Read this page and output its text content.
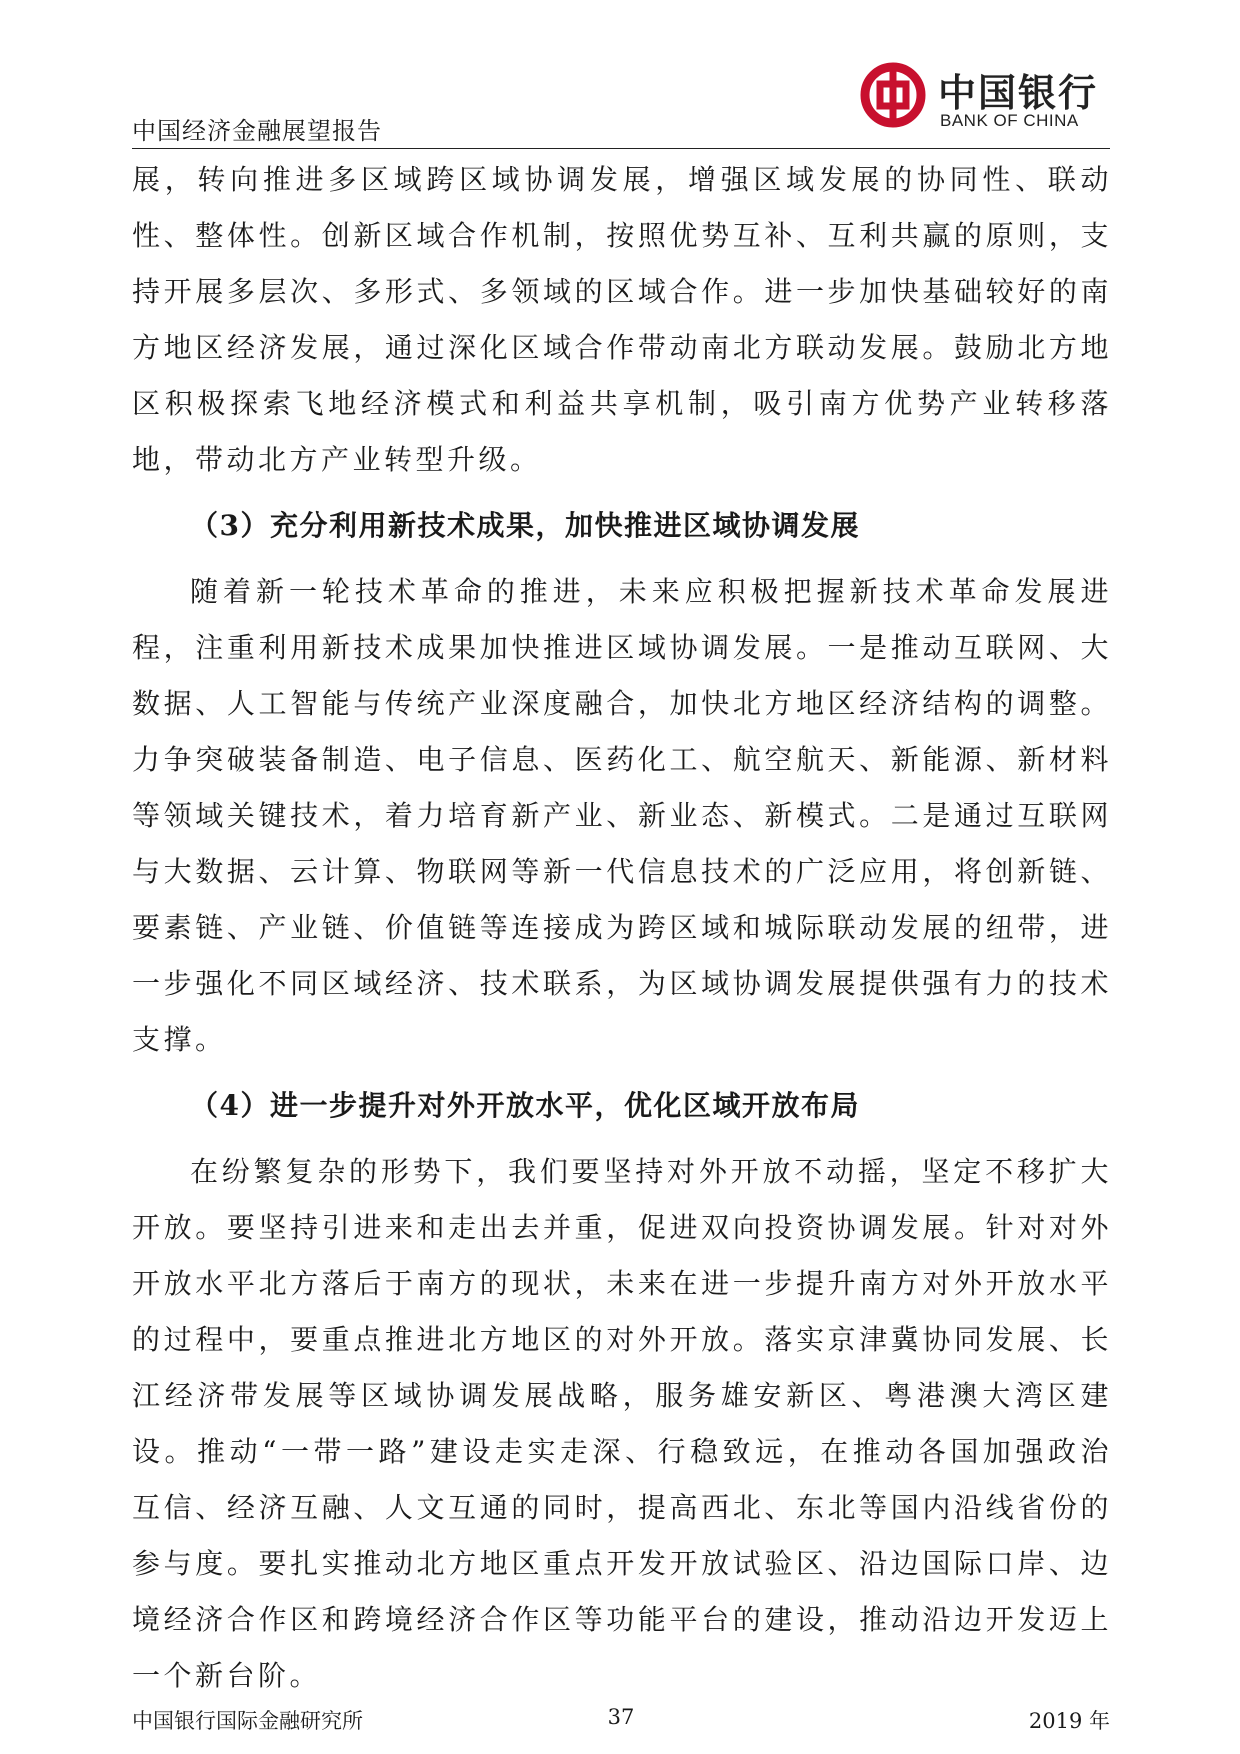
中国经济金融展望报告
中国银行
BANK OF CHINA

展，转向推进多区域跨区域协调发展，增强区域发展的协同性、联动性、整体性。创新区域合作机制，按照优势互补、互利共赢的原则，支持开展多层次、多形式、多领域的区域合作。进一步加快基础较好的南方地区经济发展，通过深化区域合作带动南北方联动发展。鼓励北方地区积极探索飞地经济模式和利益共享机制，吸引南方优势产业转移落地，带动北方产业转型升级。

（3）充分利用新技术成果，加快推进区域协调发展

随着新一轮技术革命的推进，未来应积极把握新技术革命发展进程，注重利用新技术成果加快推进区域协调发展。一是推动互联网、大数据、人工智能与传统产业深度融合，加快北方地区经济结构的调整。力争突破装备制造、电子信息、医药化工、航空航天、新能源、新材料等领域关键技术，着力培育新产业、新业态、新模式。二是通过互联网与大数据、云计算、物联网等新一代信息技术的广泛应用，将创新链、要素链、产业链、价值链等连接成为跨区域和城际联动发展的纽带，进一步强化不同区域经济、技术联系，为区域协调发展提供强有力的技术支撑。

（4）进一步提升对外开放水平，优化区域开放布局

在纷繁复杂的形势下，我们要坚持对外开放不动摇，坚定不移扩大开放。要坚持引进来和走出去并重，促进双向投资协调发展。针对对外开放水平北方落后于南方的现状，未来在进一步提升南方对外开放水平的过程中，要重点推进北方地区的对外开放。落实京津冀协同发展、长江经济带发展等区域协调发展战略，服务雄安新区、粤港澳大湾区建设。推动“一带一路”建设走实走深、行稳致远，在推动各国加强政治互信、经济互融、人文互通的同时，提高西北、东北等国内沿线省份的参与度。要扎实推动北方地区重点开发开放试验区、沿边国际口岸、边境经济合作区和跨境经济合作区等功能平台的建设，推动沿边开发迈上一个新台阶。

中国银行国际金融研究所	37	2019 年
